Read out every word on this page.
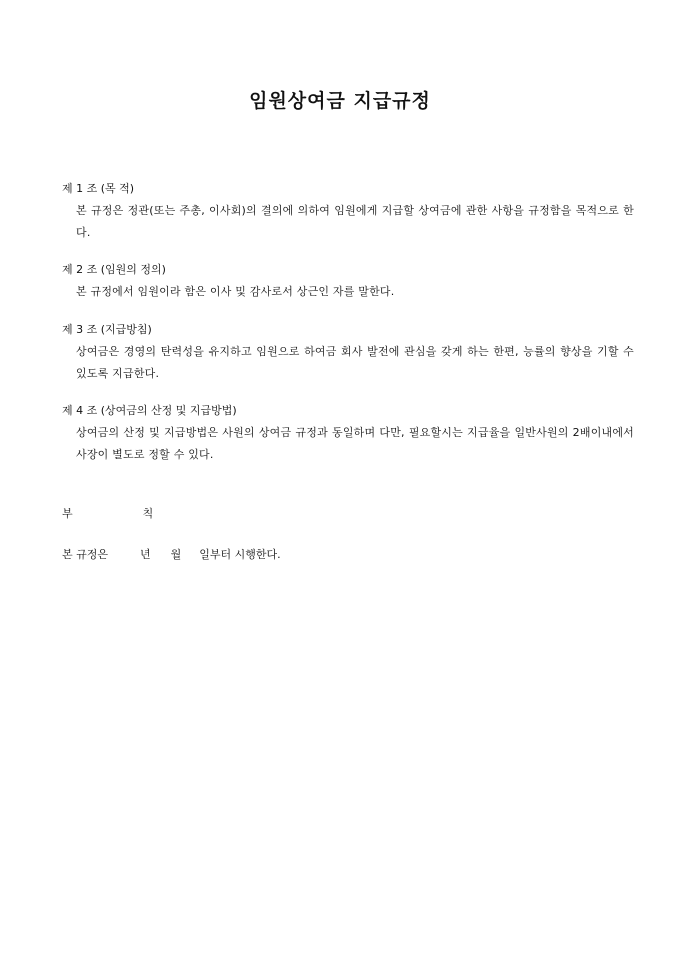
임원상여금 지급규정
제 1 조 (목 적)
본 규정은 정관(또는 주총, 이사회)의 결의에 의하여 임원에게 지급할 상여금에 관한 사항을 규정함을 목적으로 한다.
제 2 조 (임원의 정의)
본 규정에서 임원이라 함은 이사 및 감사로서 상근인 자를 말한다.
제 3 조 (지급방침)
상여금은 경영의 탄력성을 유지하고 임원으로 하여금 회사 발전에 관심을 갖게 하는 한편, 능률의 향상을 기할 수 있도록 지급한다.
제 4 조 (상여금의 산정 및 지급방법)
상여금의 산정 및 지급방법은 사원의 상여금 규정과 동일하며 다만, 필요할시는 지급율을 일반사원의 2배이내에서 사장이 별도로 정할 수 있다.
부	칙
본 규정은	년 월 일부터 시행한다.
